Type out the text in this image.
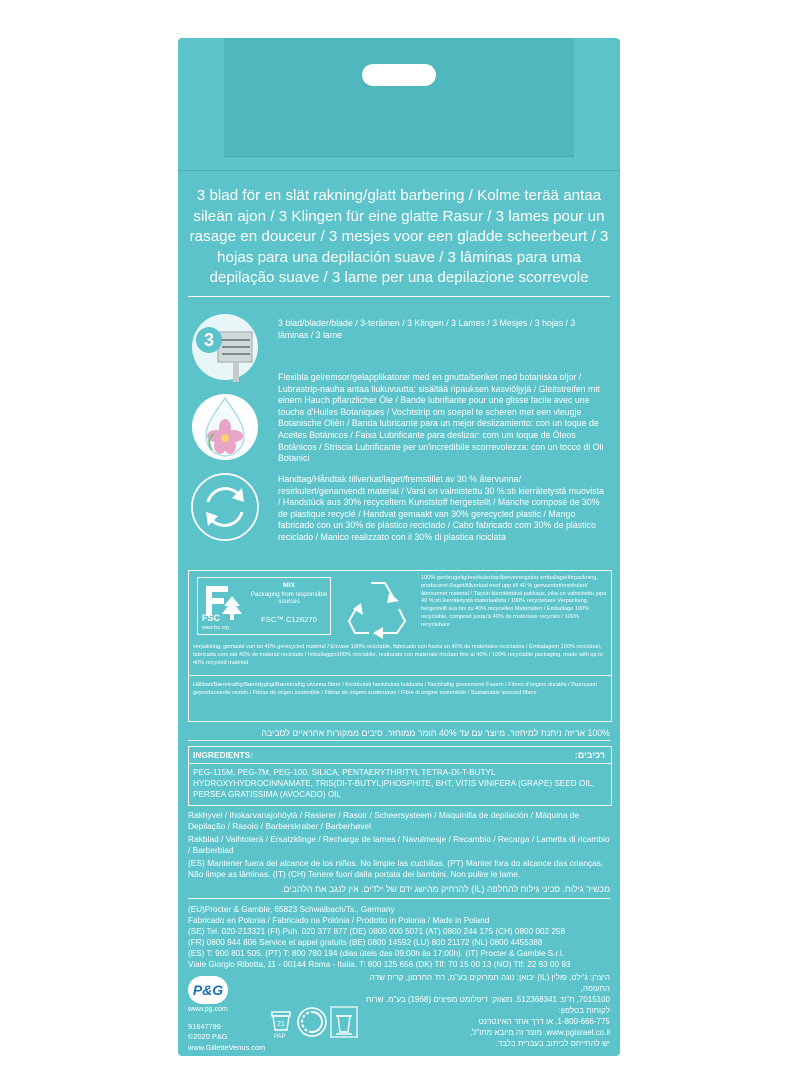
3 blad för en slät rakning/glatt barbering / Kolme terää antaa sileän ajon / 3 Klingen für eine glatte Rasur / 3 lames pour un rasage en douceur / 3 mesjes voor een gladde scheerbeurt / 3 hojas para una depilación suave / 3 lâminas para uma depilação suave / 3 lame per una depilazione scorrevole
3
3 blad/blader/blade / 3-teräinen / 3 Klingen / 3 Lames / 3 Mesjes / 3 hojas / 3 lâminas / 3 lame
Flexibla gelremsor/gelapplikatorer med en gnutta/beriket med botaniska oljor / Lubrastrip-nauha antaa liukuvuutta: sisältää ripauksen kasviöljyjä / Gleitstreifen mit einem Hauch pflanzlicher Öle / Bande lubrifiante pour une glisse facile avec une touche d'Huiles Botaniques / Vochtstrip om soepel te scheren met een vleugje Botanische Oliën / Banda lubricante para un mejor deslizamiento: con un toque de Aceites Botánicos / Faixa Lubrificante para deslizar: com um toque de Óleos Botânicos / Striscia Lubrificante per un'incredibile scorrevolezza: con un tocco di Oli Botanici
Handtag/Håndtak tillverkat/laget/fremstillet av 30 % återvunna/ resirkulert/genanvendt material / Varsi on valmistettu 30 %:sti kierrätetystä muovista / Handstück aus 30% recyceltem Kunststoff hergestellt / Manche composé de 30% de plastique recyclé / Handvat gemaakt van 30% gerecycled plastic / Mango fabricado con un 30% de plástico reciclado / Cabo fabricado com 30% de plástico reciclado / Manico realizzato con il 30% di plastica riciclata
FSC
www.fsc.org
MIX
Packaging from responsible sources
FSC™ C126270
100% genbrugelig/resirkulerbar/återvinningsbar emballage/förpackning, produceret i/laget/tillverkad med upp till 40 % genvundet/resirkulert/ återvunnet material / Täysin kierrätettävä pakkaus, joka on valmistettu jopa 40 %:sti kierrätetystä materiaalista / 100% recyclebare Verpackung, hergestellt aus bis zu 40% recycelten Materialien / Emballage 100% recyclable, composé jusqu'à 40% de matériaux recyclés / 100% recyclebare
verpakking, gemaakt van tot 40% gerecycled material / Envase 100% reciclable, fabricado con hasta un 40% de materiales reciclados / Embalagem 100% reciclável, fabricada com até 40% de material reciclado / Imballaggio100% riciclabile, realizzato con materiale riciclato fino al 40% / 100% recyclable packaging, made with up to 40% recycled material
Hållbart/Bærekraftig/Bæredygtigt/Bærekraftig utvunna fibrer / Kestävästi hankituista kuiduista / Nachhaltig gewonnene Fasern / Fibres d'origine durable / Duurzaam geproduceerde vezels / Fibras de origen sostenible / Fibras de origem sustentável / Fibre di origine sostenibile / Sustainable sourced fibers
100% אריזה ניתנת למיחזור. מיוצר עם עד 40% חומר ממוחזר. סיבים ממקורות אחראיים לסביבה
INGREDIENTS:	רכיבים:
PEG-115M, PEG-7M, PEG-100, SILICA, PENTAERYTHRITYL TETRA-DI-T-BUTYL HYDROXYHYDROCINNAMATE, TRIS(DI-T-BUTYL)PHOSPHITE, BHT, VITIS VINIFERA (GRAPE) SEED OIL, PERSEA GRATISSIMA (AVOCADO) OIL
Rakhyvel / Ihokarvanajohöylä / Rasierer / Rasoir / Scheersysteem / Maquinilla de depilación / Máquina de Depilação / Rasoio / Barberskraber / Barberhøvel
Rakblad / Vaihtoterä / Ersatzklinge / Recharge de lames / Navulmesje / Recambio / Recarga / Lametta di ricambio / Barberblad
(ES) Mantener fuera del alcance de los niños. No limpie las cuchillas. (PT) Manter fora do alcance das crianças. Não limpe as lâminas. (IT) (CH) Tenere fuori dalla portata dei bambini. Non pulire le lame.
מכשיר גילוח. סכיני גילוח להחלפה (IL) להרחיק מהישג ידם של ילדים. אין לנגב את הלהבים.
(EU)Procter & Gamble, 65823 Schwalbach/Ts., Germany
Fabricado en Polonia / Fabricado na Polónia / Prodotto in Polonia / Made in Poland
(SE) Tel. 020-213321 (FI) Puh. 020 377 877 (DE) 0800 000 5071 (AT) 0800 244 175 (CH) 0800 002 258
(FR) 0800 944 806 Service et appel gratuits (BE) 0800 14592 (LU) 800 21172 (NL) 0800 4455388
(ES) T: 900 801 505. (PT) T: 800 780 194 (dias úteis das 09:00h às 17:00h). (IT) Procter & Gamble S.r.l.
Viale Giorgio Ribotta, 11 - 00144 Roma - Italia. T: 800 125 656 (DK) Tlf: 70 15 00 13 (NO) Tlf: 22 63 00 93
P&G
www.pg.com
91647799
©2020 P&G
www.GilletteVenus.com
21
PAP
היצרן: ג'ילט, פולין (IL) יבואן: נוגה תמרוקים בע"מ, רח' החרמון, קרית שדה התעופה,
7015100, ח"פ: 512368341. משווק: דיפלומט מפיצים (1968) בע"מ. שרות לקוחות בטלפון:
1-800-666-775, או דרך אתר האינטרנט
www.pgisrael.co.il. מוצר זה מיובא מחו"ל,
יש להתייחס לכיתוב בעברית בלבד.
